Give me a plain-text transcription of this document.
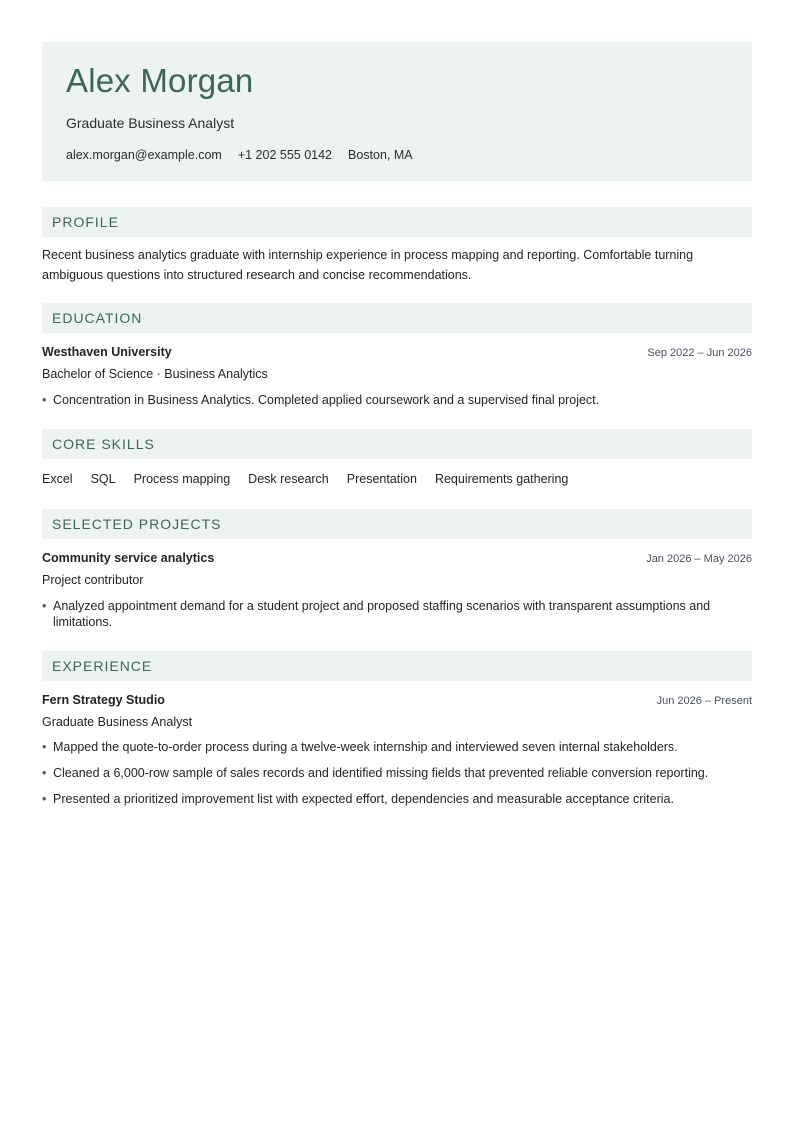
Alex Morgan
Graduate Business Analyst
alex.morgan@example.com +1 202 555 0142 Boston, MA
PROFILE
Recent business analytics graduate with internship experience in process mapping and reporting. Comfortable turning ambiguous questions into structured research and concise recommendations.
EDUCATION
Westhaven University	Sep 2022 – Jun 2026
Bachelor of Science · Business Analytics
• Concentration in Business Analytics. Completed applied coursework and a supervised final project.
CORE SKILLS
Excel SQL Process mapping Desk research Presentation Requirements gathering
SELECTED PROJECTS
Community service analytics	Jan 2026 – May 2026
Project contributor
• Analyzed appointment demand for a student project and proposed staffing scenarios with transparent assumptions and limitations.
EXPERIENCE
Fern Strategy Studio	Jun 2026 – Present
Graduate Business Analyst
• Mapped the quote-to-order process during a twelve-week internship and interviewed seven internal stakeholders.
• Cleaned a 6,000-row sample of sales records and identified missing fields that prevented reliable conversion reporting.
• Presented a prioritized improvement list with expected effort, dependencies and measurable acceptance criteria.
